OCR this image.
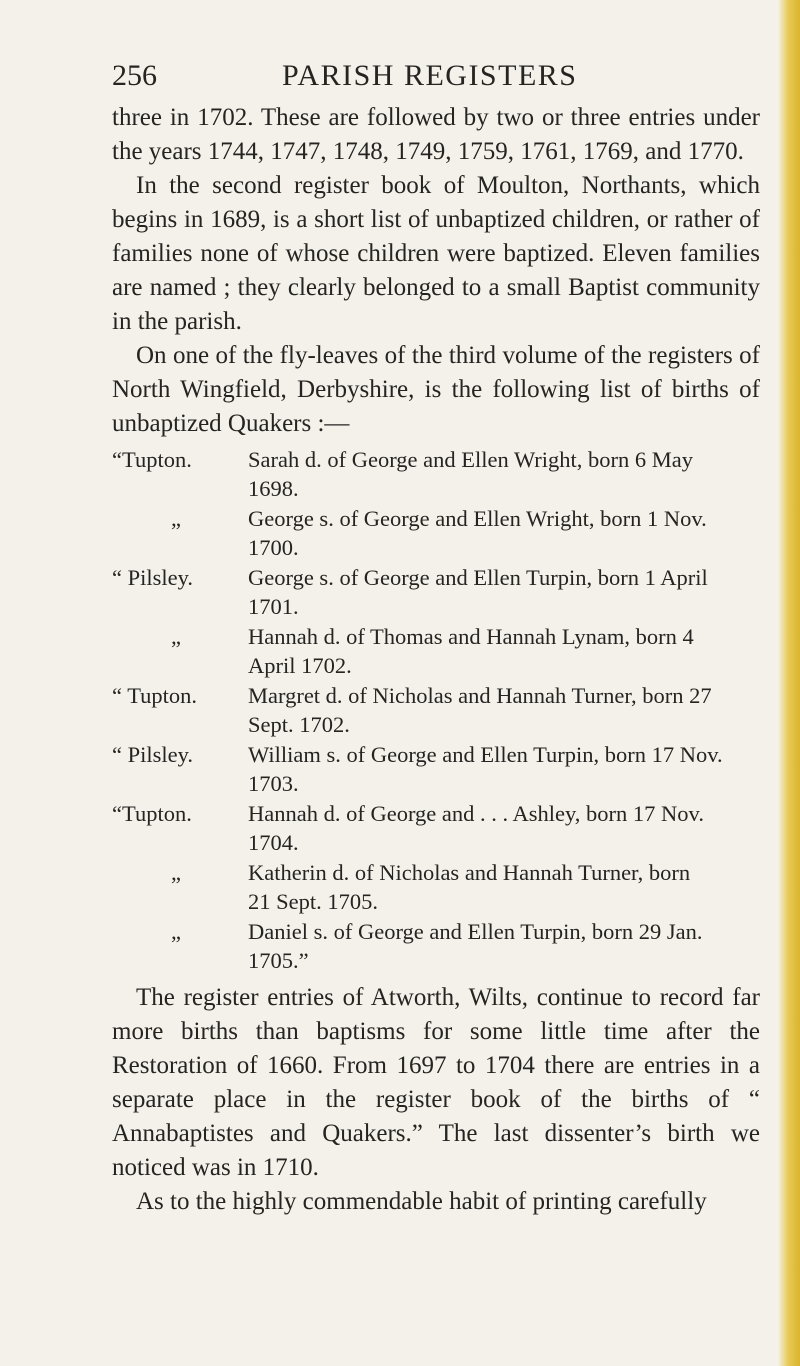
256	PARISH REGISTERS

three in 1702. These are followed by two or three entries under the years 1744, 1747, 1748, 1749, 1759, 1761, 1769, and 1770.

In the second register book of Moulton, Northants, which begins in 1689, is a short list of unbaptized children, or rather of families none of whose children were baptized. Eleven families are named ; they clearly belonged to a small Baptist community in the parish.

On one of the fly-leaves of the third volume of the registers of North Wingfield, Derbyshire, is the following list of births of unbaptized Quakers :—

“Tupton.	Sarah d. of George and Ellen Wright, born 6 May
1698.
„	George s. of George and Ellen Wright, born 1 Nov.
1700.
“ Pilsley.	George s. of George and Ellen Turpin, born 1 April
1701.
„	Hannah d. of Thomas and Hannah Lynam, born 4
April 1702.
“ Tupton.	Margret d. of Nicholas and Hannah Turner, born 27
Sept. 1702.
“ Pilsley.	William s. of George and Ellen Turpin, born 17 Nov.
1703.
“Tupton.	Hannah d. of George and . . . Ashley, born 17 Nov.
1704.
„	Katherin d. of Nicholas and Hannah Turner, born
21 Sept. 1705.
„	Daniel s. of George and Ellen Turpin, born 29 Jan.
1705.”

The register entries of Atworth, Wilts, continue to record far more births than baptisms for some little time after the Restoration of 1660. From 1697 to 1704 there are entries in a separate place in the register book of the births of “ Annabaptistes and Quakers.” The last dissenter’s birth we noticed was in 1710.

As to the highly commendable habit of printing carefully
